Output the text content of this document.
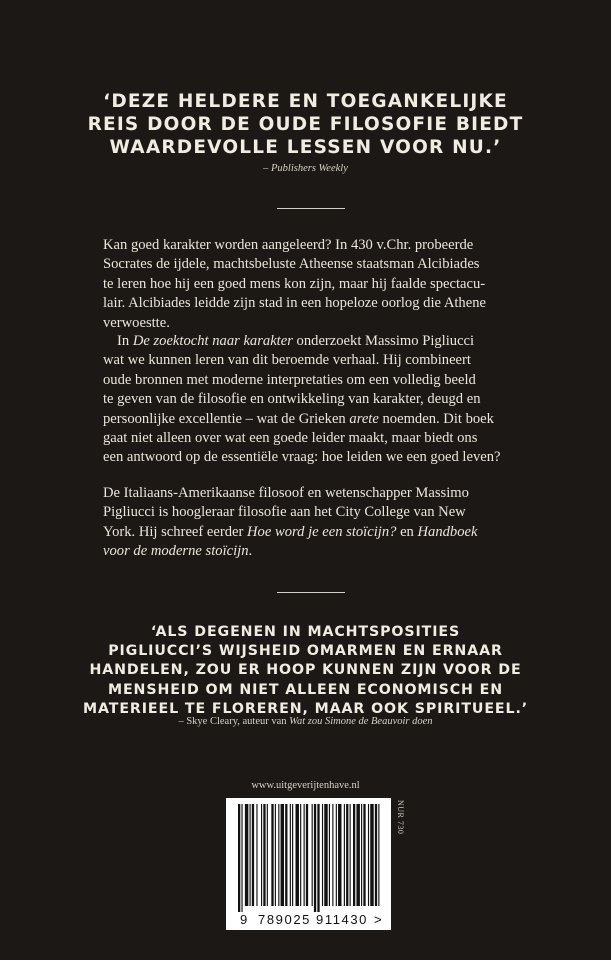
‘DEZE HELDERE EN TOEGANKELIJKE
REIS DOOR DE OUDE FILOSOFIE BIEDT
WAARDEVOLLE LESSEN VOOR NU.’
– Publishers Weekly
Kan goed karakter worden aangeleerd? In 430 v.Chr. probeerde
Socrates de ijdele, machtsbeluste Atheense staatsman Alcibiades
te leren hoe hij een goed mens kon zijn, maar hij faalde spectacu-
lair. Alcibiades leidde zijn stad in een hopeloze oorlog die Athene
verwoestte.
In De zoektocht naar karakter onderzoekt Massimo Pigliucci
wat we kunnen leren van dit beroemde verhaal. Hij combineert
oude bronnen met moderne interpretaties om een volledig beeld
te geven van de filosofie en ontwikkeling van karakter, deugd en
persoonlijke excellentie – wat de Grieken arete noemden. Dit boek
gaat niet alleen over wat een goede leider maakt, maar biedt ons
een antwoord op de essentiële vraag: hoe leiden we een goed leven?
De Italiaans-Amerikaanse filosoof en wetenschapper Massimo
Pigliucci is hoogleraar filosofie aan het City College van New
York. Hij schreef eerder Hoe word je een stoïcijn? en Handboek
voor de moderne stoïcijn.
‘ALS DEGENEN IN MACHTSPOSITIES
PIGLIUCCI’S WIJSHEID OMARMEN EN ERNAAR
HANDELEN, ZOU ER HOOP KUNNEN ZIJN VOOR DE
MENSHEID OM NIET ALLEEN ECONOMISCH EN
MATERIEEL TE FLOREREN, MAAR OOK SPIRITUEEL.’
– Skye Cleary, auteur van Wat zou Simone de Beauvoir doen
www.uitgeverijtenhave.nl
NUR 730
9 789025 911430 >
